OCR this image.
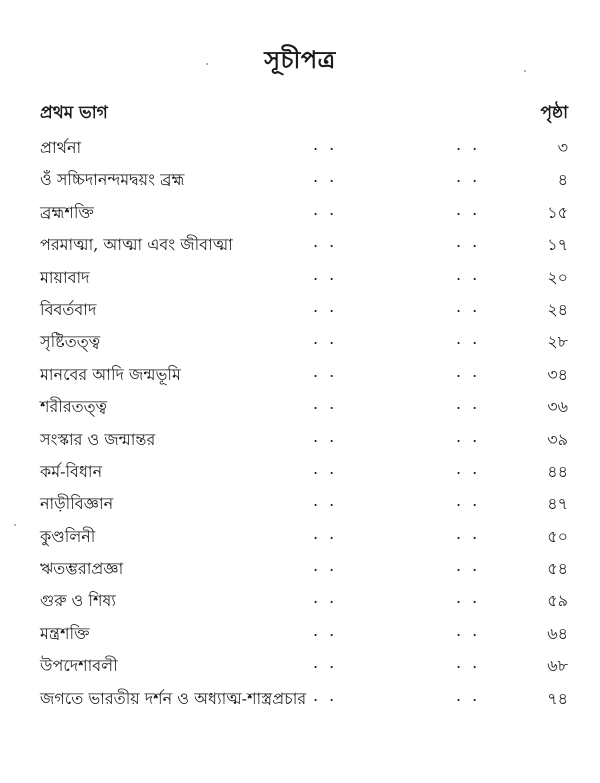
সূচীপত্র
প্রথম ভাগ	পৃষ্ঠা
প্রার্থনা	. .	. .	৩
ওঁ সচ্চিদানন্দমদ্বয়ং ব্রহ্ম	. .	. .	৪
ব্রহ্মশক্তি	. .	. .	১৫
পরমাত্মা, আত্মা এবং জীবাত্মা	. .	. .	১৭
মায়াবাদ	. .	. .	২০
বিবর্তবাদ	. .	. .	২৪
সৃষ্টিতত্ত্ব	. .	. .	২৮
মানবের আদি জন্মভূমি	. .	. .	৩৪
শরীরতত্ত্ব	. .	. .	৩৬
সংস্কার ও জন্মান্তর	. .	. .	৩৯
কর্ম-বিধান	. .	. .	৪৪
নাড়ীবিজ্ঞান	. .	. .	৪৭
কুণ্ডলিনী	. .	. .	৫০
ঋতম্ভরাপ্রজ্ঞা	. .	. .	৫৪
গুরু ও শিষ্য	. .	. .	৫৯
মন্ত্রশক্তি	. .	. .	৬৪
উপদেশাবলী	. .	. .	৬৮
জগতে ভারতীয় দর্শন ও অধ্যাত্ম-শাস্ত্রপ্রচার . .	. .	৭৪
